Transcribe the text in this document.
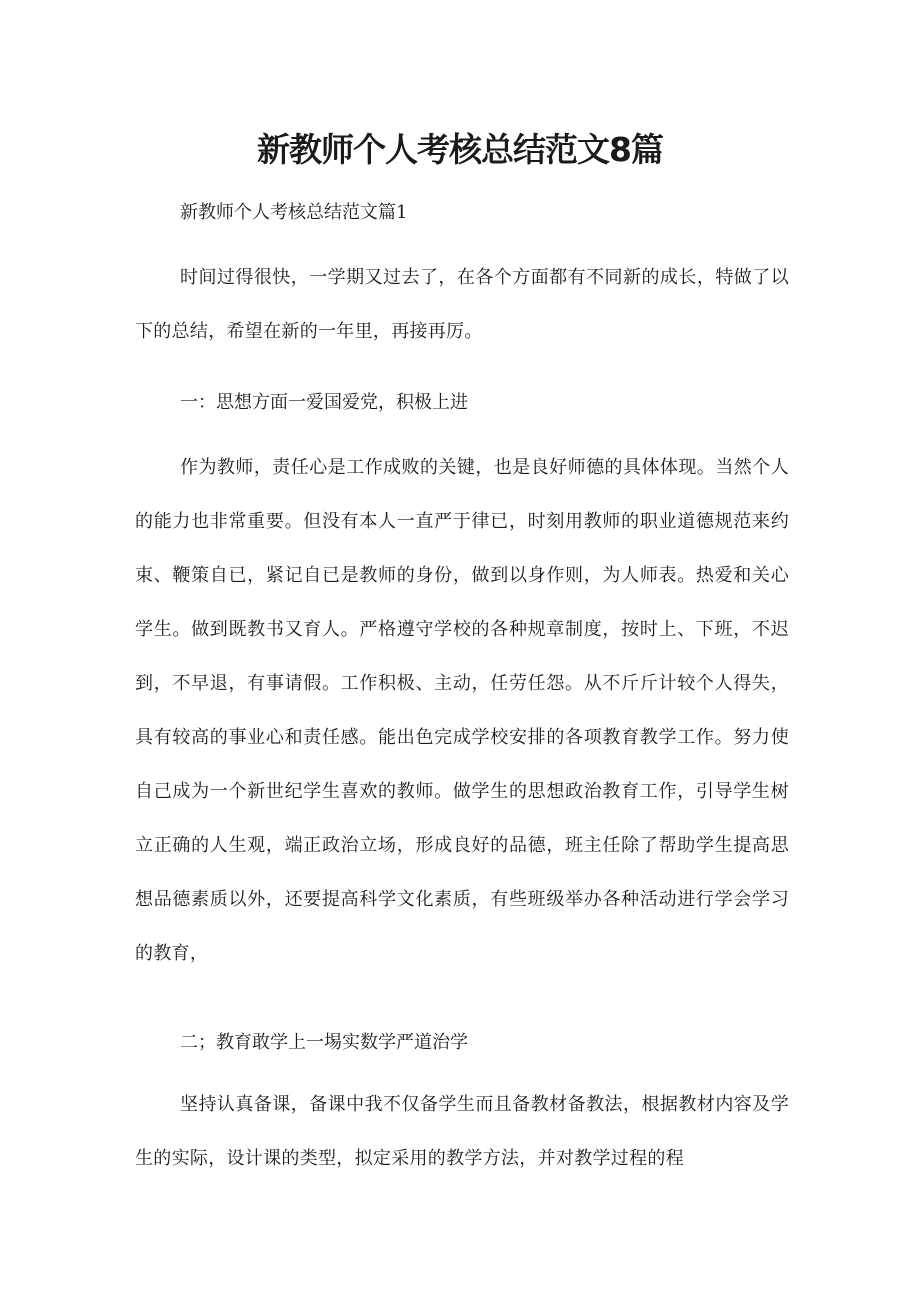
新教师个人考核总结范文8篇
新教师个人考核总结范文篇1
时间过得很快，一学期又过去了，在各个方面都有不同新的成长，特做了以下的总结，希望在新的一年里，再接再厉。
一：思想方面一爱国爱党，积极上进
作为教师，责任心是工作成败的关键，也是良好师德的具体体现。当然个人的能力也非常重要。但没有本人一直严于律已，时刻用教师的职业道德规范来约束、鞭策自已，紧记自已是教师的身份，做到以身作则，为人师表。热爱和关心学生。做到既教书又育人。严格遵守学校的各种规章制度，按时上、下班，不迟到，不早退，有事请假。工作积极、主动，任劳任怨。从不斤斤计较个人得失，具有较高的事业心和责任感。能出色完成学校安排的各项教育教学工作。努力使自己成为一个新世纪学生喜欢的教师。做学生的思想政治教育工作，引导学生树立正确的人生观，端正政治立场，形成良好的品德，班主任除了帮助学生提高思想品德素质以外，还要提高科学文化素质，有些班级举办各种活动进行学会学习的教育，
二；教育敢学上一埸实数学严道治学
坚持认真备课，备课中我不仅备学生而且备教材备教法，根据教材内容及学生的实际，设计课的类型，拟定采用的教学方法，并对教学过程的程
